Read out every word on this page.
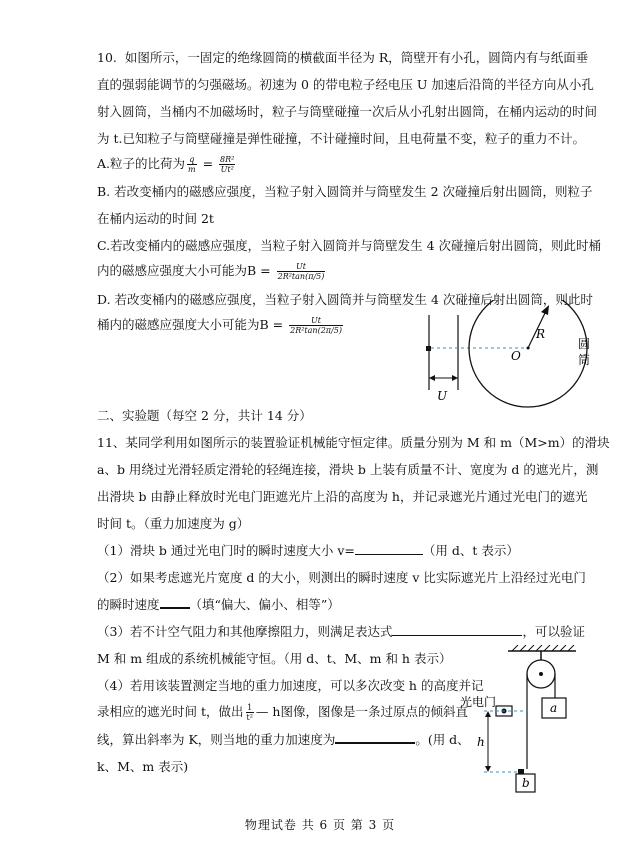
10. 如图所示，一固定的绝缘圆筒的横截面半径为 R，筒壁开有小孔，圆筒内有与纸面垂
直的强弱能调节的匀强磁场。初速为 0 的带电粒子经电压 U 加速后沿筒的半径方向从小孔
射入圆筒，当桶内不加磁场时，粒子与筒壁碰撞一次后从小孔射出圆筒，在桶内运动的时间
为 t.已知粒子与筒壁碰撞是弹性碰撞，不计碰撞时间，且电荷量不变，粒子的重力不计。
A.粒子的比荷为 $\frac{q}{m} = \frac{\text{8R²}}{\text{Ut²}}$
B. 若改变桶内的磁感应强度，当粒子射入圆筒并与筒壁发生 2 次碰撞后射出圆筒，则粒子
在桶内运动的时间 2t
C.若改变桶内的磁感应强度，当粒子射入圆筒并与筒壁发生 4 次碰撞后射出圆筒，则此时桶
内的磁感应强度大小可能为$B = \frac{Ut}{\text{2R²tan(π/5)}}$
D. 若改变桶内的磁感应强度，当粒子射入圆筒并与筒壁发生 4 次碰撞后射出圆筒，则此时
桶内的磁感应强度大小可能为$B = \frac{Ut}{\text{2R²tan(2π/5)}}$	R
O
U
圆
筒
二、实验题（每空 2 分，共计 14 分）
11、某同学利用如图所示的装置验证机械能守恒定律。质量分别为 M 和 m（M>m）的滑块
a、b 用绕过光滑轻质定滑轮的轻绳连接，滑块 b 上装有质量不计、宽度为 d 的遮光片，测
出滑块 b 由静止释放时光电门距遮光片上沿的高度为 h，并记录遮光片通过光电门的遮光
时间 t。（重力加速度为 g）
（1）滑块 b 通过光电门时的瞬时速度大小 v=	（用 d、t 表示）
（2）如果考虑遮光片宽度 d 的大小，则测出的瞬时速度 v 比实际遮光片上沿经过光电门
的瞬时速度 （填“偏大、偏小、相等”）
（3）若不计空气阻力和其他摩擦阻力，则满足表达式	，可以验证
M 和 m 组成的系统机械能守恒。（用 d、t、M、m 和 h 表示）
（4）若用该装置测定当地的重力加速度，可以多次改变 h 的高度并记
录相应的遮光时间 t，做出 $\frac{1}{\text{t²}}$ — h图像，图像是一条过原点的倾斜直
线，算出斜率为 K，则当地的重力加速度为	。(用 d、
k、M、m 表示)
a
光电门
h
b
物理试卷 共 6 页 第 3 页
